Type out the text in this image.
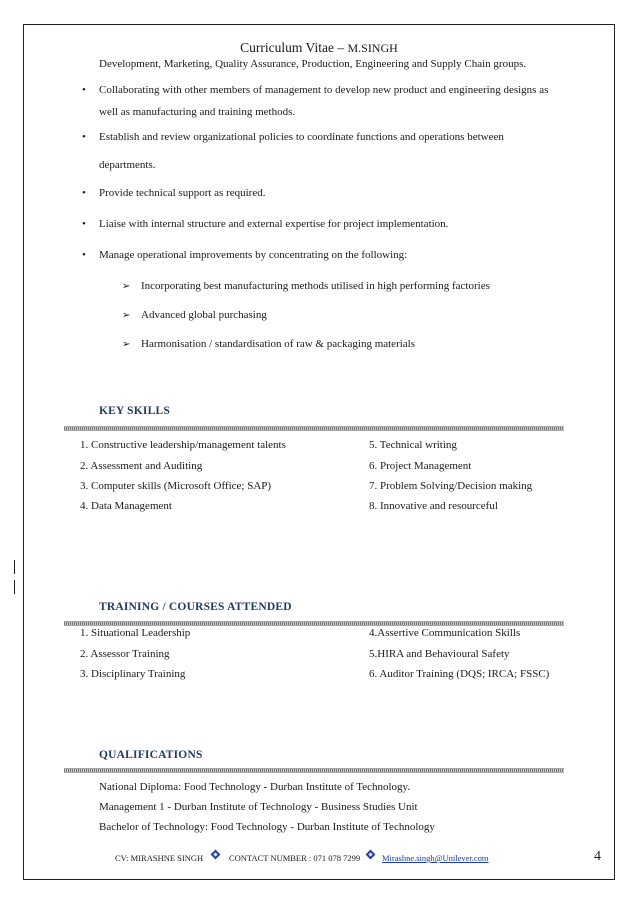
Curriculum Vitae – M.SINGH
Development, Marketing, Quality Assurance, Production, Engineering and Supply Chain groups.
• Collaborating with other members of management to develop new product and engineering designs as
well as manufacturing and training methods.
• Establish and review organizational policies to coordinate functions and operations between
departments.
• Provide technical support as required.
• Liaise with internal structure and external expertise for project implementation.
• Manage operational improvements by concentrating on the following:
➢ Incorporating best manufacturing methods utilised in high performing factories
➢ Advanced global purchasing
➢ Harmonisation / standardisation of raw & packaging materials
KEY SKILLS
1. Constructive leadership/management talents
2. Assessment and Auditing
3. Computer skills (Microsoft Office; SAP)
4. Data Management
5. Technical writing
6. Project Management
7. Problem Solving/Decision making
8. Innovative and resourceful
TRAINING / COURSES ATTENDED
1. Situational Leadership
2. Assessor Training
3. Disciplinary Training
4.Assertive Communication Skills
5.HIRA and Behavioural Safety
6. Auditor Training (DQS; IRCA; FSSC)
QUALIFICATIONS
National Diploma: Food Technology - Durban Institute of Technology.
Management 1 - Durban Institute of Technology - Business Studies Unit
Bachelor of Technology: Food Technology - Durban Institute of Technology
CV: MIRASHNE SINGH	CONTACT NUMBER : 071 078 7299	Mirashne.singh@Unilever.com	4
